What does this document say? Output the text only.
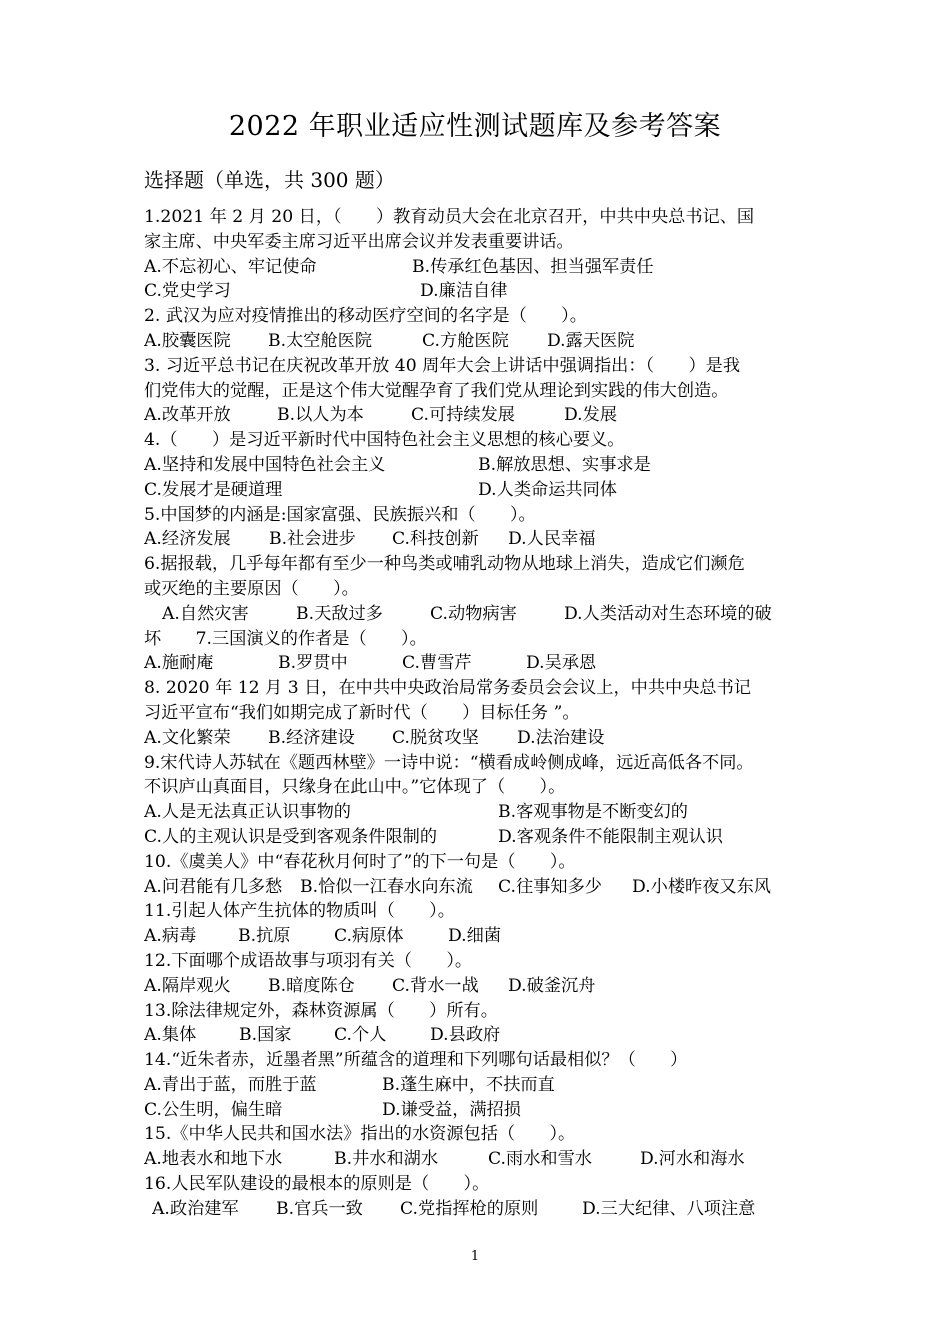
2022 年职业适应性测试题库及参考答案
选择题（单选，共 300 题）
1.2021 年 2 月 20 日，（　　）教育动员大会在北京召开，中共中央总书记、国
家主席、中央军委主席习近平出席会议并发表重要讲话。
A.不忘初心、牢记使命	B.传承红色基因、担当强军责任
C.党史学习	D.廉洁自律
2. 武汉为应对疫情推出的移动医疗空间的名字是（　　）。
A.胶囊医院	B.太空舱医院	C.方舱医院	D.露天医院
3. 习近平总书记在庆祝改革开放 40 周年大会上讲话中强调指出：（　　）是我
们党伟大的觉醒，正是这个伟大觉醒孕育了我们党从理论到实践的伟大创造。
A.改革开放	B.以人为本	C.可持续发展	D.发展
4.（　　）是习近平新时代中国特色社会主义思想的核心要义。
A.坚持和发展中国特色社会主义	B.解放思想、实事求是
C.发展才是硬道理	D.人类命运共同体
5.中国梦的内涵是:国家富强、民族振兴和（　　）。
A.经济发展	B.社会进步	C.科技创新	D.人民幸福
6.据报载，几乎每年都有至少一种鸟类或哺乳动物从地球上消失，造成它们濒危
或灭绝的主要原因（　　）。
A.自然灾害	B.天敌过多	C.动物病害	D.人类活动对生态环境的破
坏　　7.三国演义的作者是（　　）。
A.施耐庵	B.罗贯中	C.曹雪芹	D.吴承恩
8. 2020 年 12 月 3 日，在中共中央政治局常务委员会会议上，中共中央总书记
习近平宣布“我们如期完成了新时代（　　）目标任务 ”。
A.文化繁荣	B.经济建设	C.脱贫攻坚	D.法治建设
9.宋代诗人苏轼在《题西林壁》一诗中说：“横看成岭侧成峰，远近高低各不同。
不识庐山真面目，只缘身在此山中。”它体现了（　　）。
A.人是无法真正认识事物的	B.客观事物是不断变幻的
C.人的主观认识是受到客观条件限制的	D.客观条件不能限制主观认识
10.《虞美人》中“春花秋月何时了”的下一句是（　　）。
A.问君能有几多愁	B.恰似一江春水向东流	C.往事知多少	D.小楼昨夜又东风
11.引起人体产生抗体的物质叫（　　）。
A.病毒	B.抗原	C.病原体	D.细菌
12.下面哪个成语故事与项羽有关（　　）。
A.隔岸观火	B.暗度陈仓	C.背水一战	D.破釜沉舟
13.除法律规定外，森林资源属（　　）所有。
A.集体	B.国家	C.个人	D.县政府
14.“近朱者赤，近墨者黑”所蕴含的道理和下列哪句话最相似？（　　）
A.青出于蓝，而胜于蓝	B.蓬生麻中，不扶而直
C.公生明，偏生暗	D.谦受益，满招损
15.《中华人民共和国水法》指出的水资源包括（　　）。
A.地表水和地下水	B.井水和湖水	C.雨水和雪水	D.河水和海水
16.人民军队建设的最根本的原则是（　　）。
A.政治建军	B.官兵一致	C.党指挥枪的原则	D.三大纪律、八项注意
1
